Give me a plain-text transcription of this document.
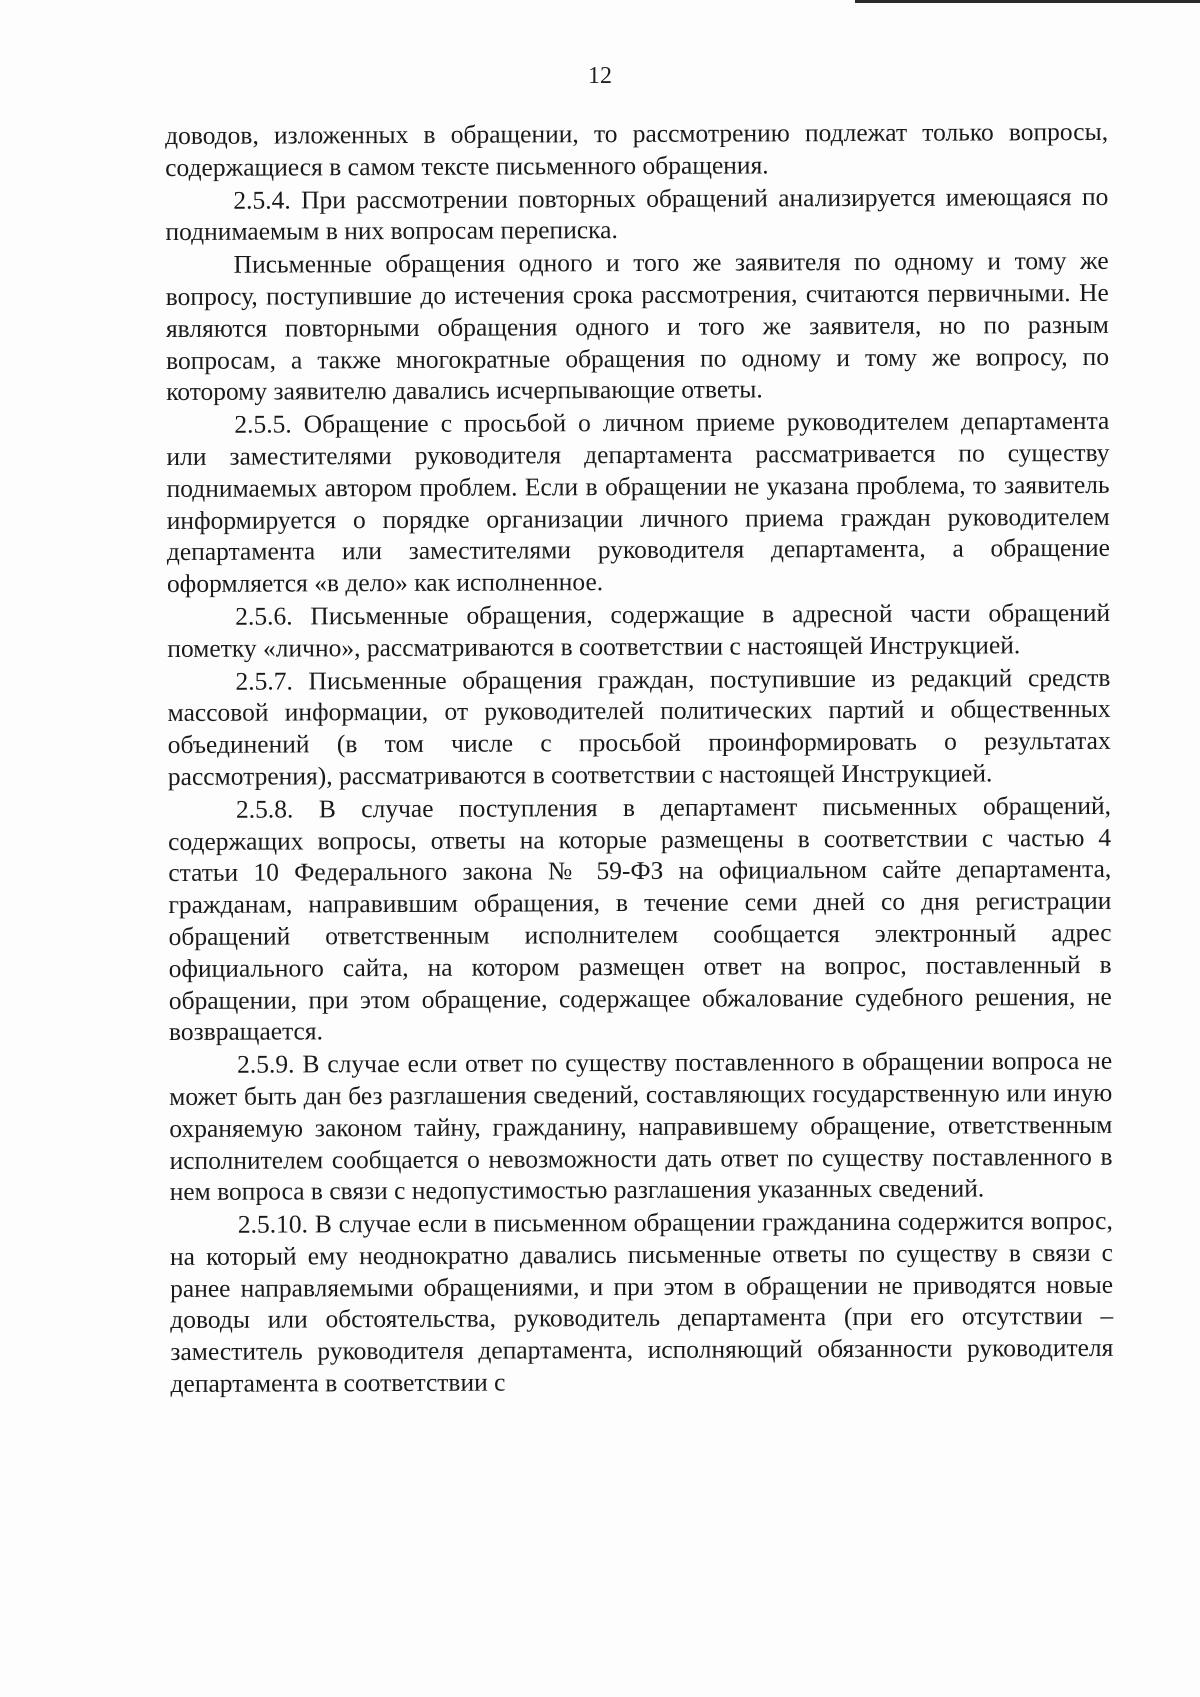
12

доводов, изложенных в обращении, то рассмотрению подлежат только вопросы, содержащиеся в самом тексте письменного обращения.

2.5.4. При рассмотрении повторных обращений анализируется имеющаяся по поднимаемым в них вопросам переписка.

Письменные обращения одного и того же заявителя по одному и тому же вопросу, поступившие до истечения срока рассмотрения, считаются первичными. Не являются повторными обращения одного и того же заявителя, но по разным вопросам, а также многократные обращения по одному и тому же вопросу, по которому заявителю давались исчерпывающие ответы.

2.5.5. Обращение с просьбой о личном приеме руководителем департамента или заместителями руководителя департамента рассматривается по существу поднимаемых автором проблем. Если в обращении не указана проблема, то заявитель информируется о порядке организации личного приема граждан руководителем департамента или заместителями руководителя департамента, а обращение оформляется «в дело» как исполненное.

2.5.6. Письменные обращения, содержащие в адресной части обращений пометку «лично», рассматриваются в соответствии с настоящей Инструкцией.

2.5.7. Письменные обращения граждан, поступившие из редакций средств массовой информации, от руководителей политических партий и общественных объединений (в том числе с просьбой проинформировать о результатах рассмотрения), рассматриваются в соответствии с настоящей Инструкцией.

2.5.8. В случае поступления в департамент письменных обращений, содержащих вопросы, ответы на которые размещены в соответствии с частью 4 статьи 10 Федерального закона № 59-ФЗ на официальном сайте департамента, гражданам, направившим обращения, в течение семи дней со дня регистрации обращений ответственным исполнителем сообщается электронный адрес официального сайта, на котором размещен ответ на вопрос, поставленный в обращении, при этом обращение, содержащее обжалование судебного решения, не возвращается.

2.5.9. В случае если ответ по существу поставленного в обращении вопроса не может быть дан без разглашения сведений, составляющих государственную или иную охраняемую законом тайну, гражданину, направившему обращение, ответственным исполнителем сообщается о невозможности дать ответ по существу поставленного в нем вопроса в связи с недопустимостью разглашения указанных сведений.

2.5.10. В случае если в письменном обращении гражданина содержится вопрос, на который ему неоднократно давались письменные ответы по существу в связи с ранее направляемыми обращениями, и при этом в обращении не приводятся новые доводы или обстоятельства, руководитель департамента (при его отсутствии – заместитель руководителя департамента, исполняющий обязанности руководителя департамента в соответствии с
